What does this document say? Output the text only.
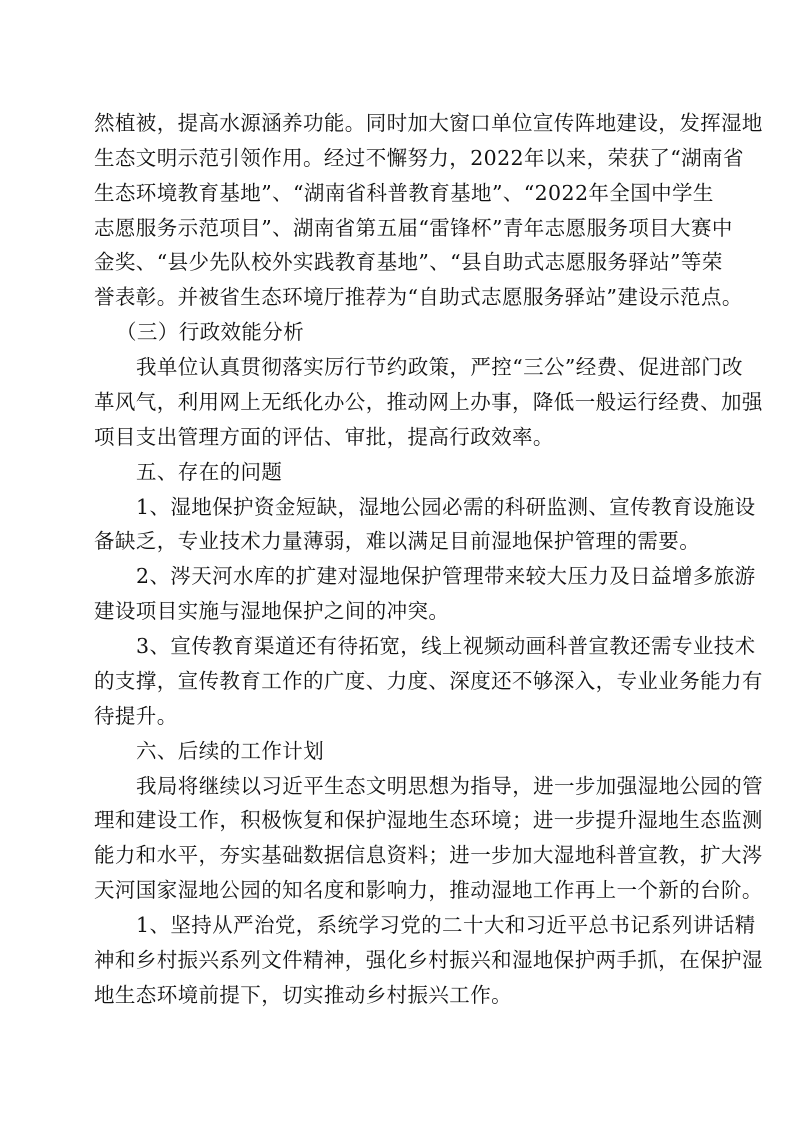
然植被，提高水源涵养功能。同时加大窗口单位宣传阵地建设，发挥湿地
生态文明示范引领作用。经过不懈努力，2022年以来，荣获了“湖南省
生态环境教育基地”、“湖南省科普教育基地”、“2022年全国中学生
志愿服务示范项目”、湖南省第五届“雷锋杯”青年志愿服务项目大赛中
金奖、“县少先队校外实践教育基地”、“县自助式志愿服务驿站”等荣
誉表彰。并被省生态环境厅推荐为“自助式志愿服务驿站”建设示范点。
（三）行政效能分析
我单位认真贯彻落实厉行节约政策，严控“三公”经费、促进部门改
革风气，利用网上无纸化办公，推动网上办事，降低一般运行经费、加强
项目支出管理方面的评估、审批，提高行政效率。
五、存在的问题
1、湿地保护资金短缺，湿地公园必需的科研监测、宣传教育设施设
备缺乏，专业技术力量薄弱，难以满足目前湿地保护管理的需要。
2、涔天河水库的扩建对湿地保护管理带来较大压力及日益增多旅游
建设项目实施与湿地保护之间的冲突。
3、宣传教育渠道还有待拓宽，线上视频动画科普宣教还需专业技术
的支撑，宣传教育工作的广度、力度、深度还不够深入，专业业务能力有
待提升。
六、后续的工作计划
我局将继续以习近平生态文明思想为指导，进一步加强湿地公园的管
理和建设工作，积极恢复和保护湿地生态环境；进一步提升湿地生态监测
能力和水平，夯实基础数据信息资料；进一步加大湿地科普宣教，扩大涔
天河国家湿地公园的知名度和影响力，推动湿地工作再上一个新的台阶。
1、坚持从严治党，系统学习党的二十大和习近平总书记系列讲话精
神和乡村振兴系列文件精神，强化乡村振兴和湿地保护两手抓，在保护湿
地生态环境前提下，切实推动乡村振兴工作。
